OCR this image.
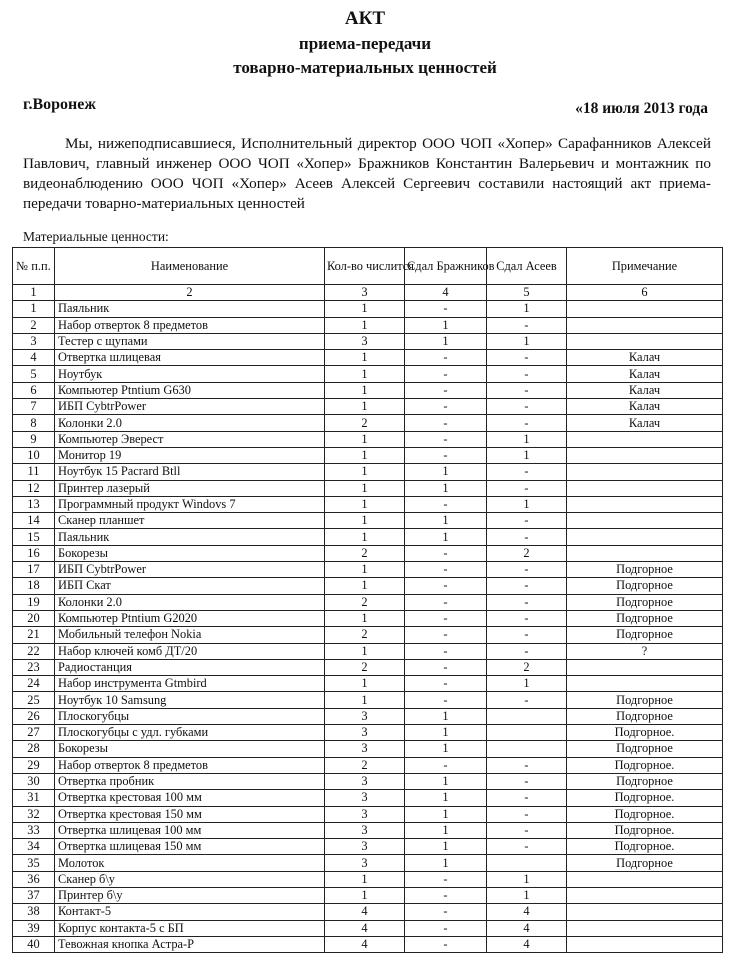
АКТ
приема-передачи
товарно-материальных ценностей
г.Воронеж	«18 июля 2013 года
Мы, нижеподписавшиеся, Исполнительный директор ООО ЧОП «Хопер» Сарафанников Алексей Павлович, главный инженер ООО ЧОП «Хопер» Бражников Константин Валерьевич и монтажник по видеонаблюдению ООО ЧОП «Хопер» Асеев Алексей Сергеевич составили настоящий акт приема-передачи товарно-материальных ценностей
Материальные ценности:
№ п.п.	Наименование	Кол-во числится	Сдал Бражников	Сдал Асеев	Примечание
1	2	3	4	5	6
1	Паяльник	1	-	1	
2	Набор отверток 8 предметов	1	1	-	
3	Тестер с щупами	3	1	1	
4	Отвертка шлицевая	1	-	-	Калач
5	Ноутбук	1	-	-	Калач
6	Компьютер Ptntium G630	1	-	-	Калач
7	ИБП CybtrPower	1	-	-	Калач
8	Колонки 2.0	2	-	-	Калач
9	Компьютер Эверест	1	-	1	
10	Монитор 19	1	-	1	
11	Ноутбук 15 Pacrard Btll	1	1	-	
12	Принтер лазерый	1	1	-	
13	Программный продукт Windovs 7	1	-	1	
14	Сканер планшет	1	1	-	
15	Паяльник	1	1	-	
16	Бокорезы	2	-	2	
17	ИБП CybtrPower	1	-	-	Подгорное
18	ИБП Скат	1	-	-	Подгорное
19	Колонки 2.0	2	-	-	Подгорное
20	Компьютер Ptntium G2020	1	-	-	Подгорное
21	Мобильный телефон Nokia	2	-	-	Подгорное
22	Набор ключей комб ДТ/20	1	-	-	?
23	Радиостанция	2	-	2	
24	Набор инструмента Gtmbird	1	-	1	
25	Ноутбук 10 Samsung	1	-	-	Подгорное
26	Плоскогубцы	3	1		Подгорное
27	Плоскогубцы с удл. губками	3	1		Подгорное.
28	Бокорезы	3	1		Подгорное
29	Набор отверток 8 предметов	2	-	-	Подгорное.
30	Отвертка пробник	3	1	-	Подгорное
31	Отвертка крестовая 100 мм	3	1	-	Подгорное.
32	Отвертка крестовая 150 мм	3	1	-	Подгорное.
33	Отвертка шлицевая 100 мм	3	1	-	Подгорное.
34	Отвертка шлицевая 150 мм	3	1	-	Подгорное.
35	Молоток	3	1		Подгорное
36	Сканер б\у	1	-	1	
37	Принтер б\у	1	-	1	
38	Контакт-5	4	-	4	
39	Корпус контакта-5 с БП	4	-	4	
40	Тевожная кнопка Астра-Р	4	-	4	
